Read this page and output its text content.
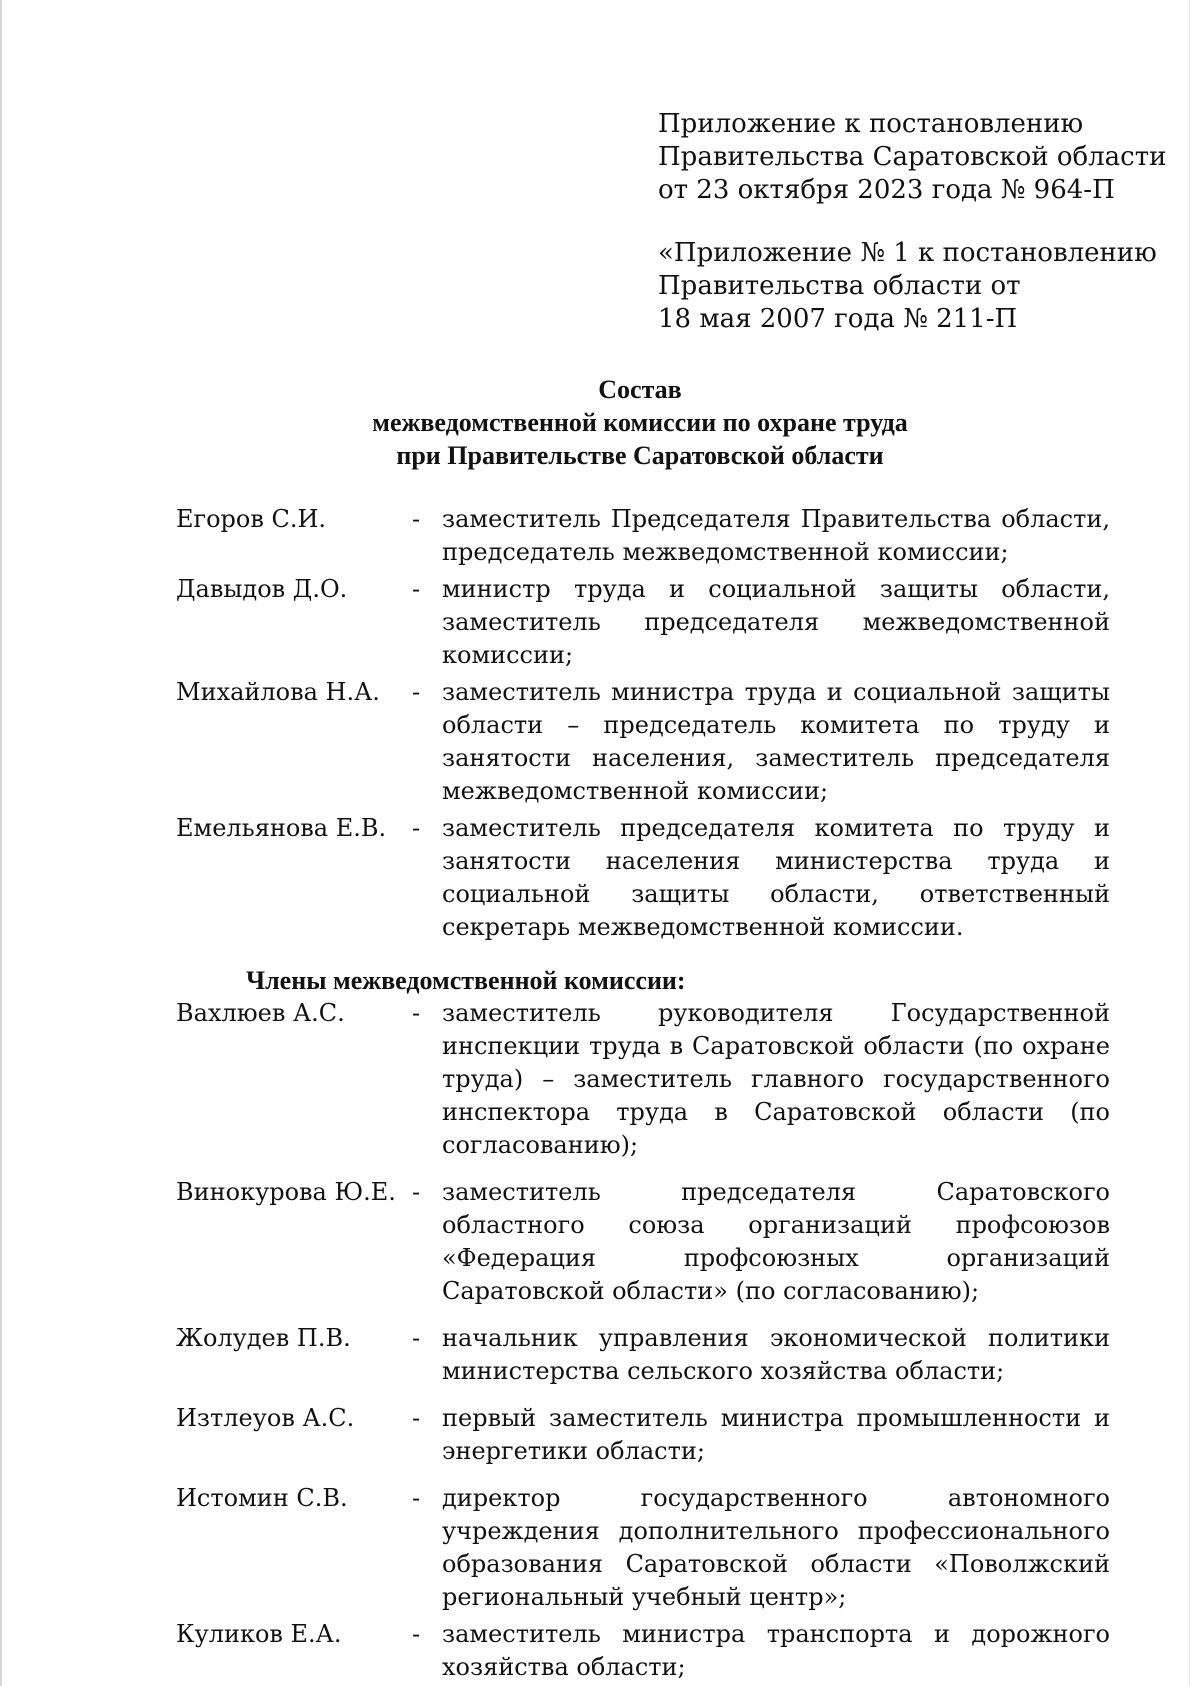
Приложение к постановлению
Правительства Саратовской области
от 23 октября 2023 года № 964-П
«Приложение № 1 к постановлению
Правительства области от
18 мая 2007 года № 211-П
Состав
межведомственной комиссии по охране труда
при Правительстве Саратовской области
Егоров С.И.	- заместитель Председателя Правительства области, председатель межведомственной комиссии;
Давыдов Д.О.	- министр труда и социальной защиты области, заместитель председателя межведомственной комиссии;
Михайлова Н.А.	- заместитель министра труда и социальной защиты области – председатель комитета по труду и занятости населения, заместитель председателя межведомственной комиссии;
Емельянова Е.В.	- заместитель председателя комитета по труду и занятости населения министерства труда и социальной защиты области, ответственный секретарь межведомственной комиссии.
Члены межведомственной комиссии:
Вахлюев А.С.	- заместитель руководителя Государственной инспекции труда в Саратовской области (по охране труда) – заместитель главного государственного инспектора труда в Саратовской области (по согласованию);
Винокурова Ю.Е. - заместитель председателя Саратовского областного союза организаций профсоюзов «Федерация профсоюзных организаций Саратовской области» (по согласованию);
Жолудев П.В.	- начальник управления экономической политики министерства сельского хозяйства области;
Изтлеуов А.С.	- первый заместитель министра промышленности и энергетики области;
Истомин С.В.	- директор государственного автономного учреждения дополнительного профессионального образования Саратовской области «Поволжский региональный учебный центр»;
Куликов Е.А.	- заместитель министра транспорта и дорожного хозяйства области;
